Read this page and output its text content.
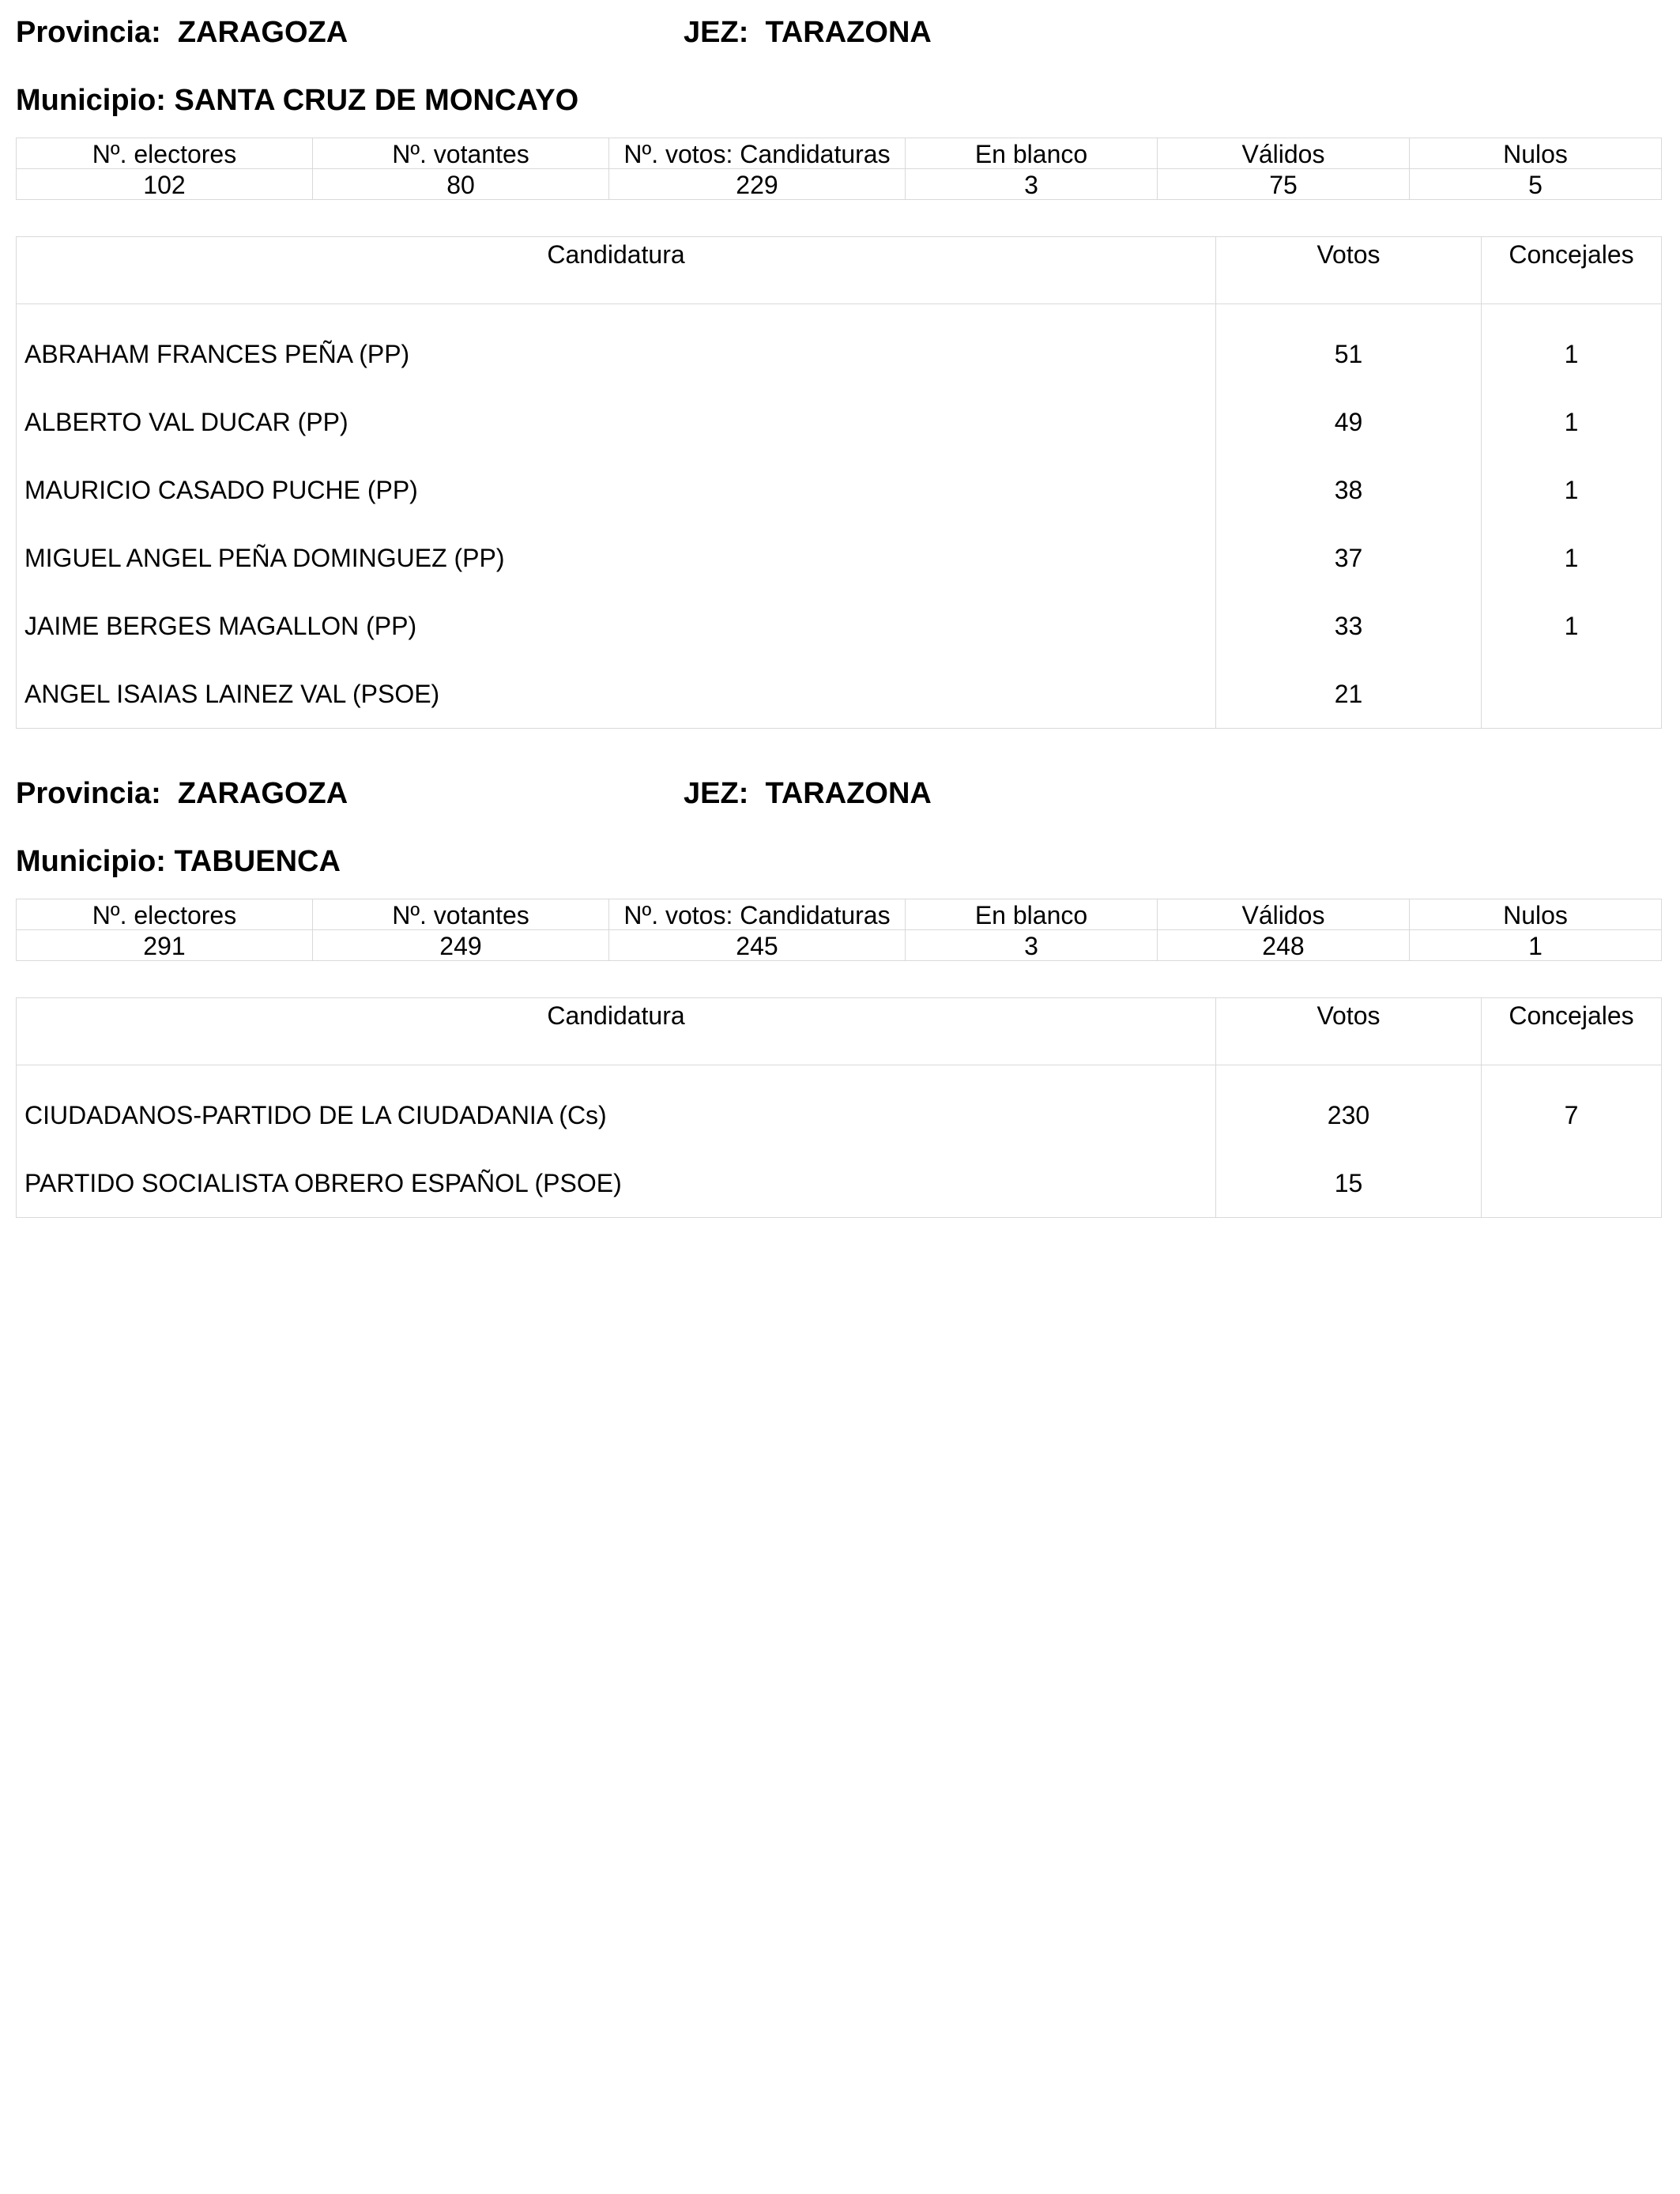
Provincia:  ZARAGOZA	JEZ:  TARAZONA
Municipio: SANTA CRUZ DE MONCAYO
Nº. electores	Nº. votantes	Nº. votos: Candidaturas	En blanco	Válidos	Nulos
102	80	229	3	75	5
Candidatura	Votos	Concejales
ABRAHAM FRANCES PEÑA (PP)	51	1
ALBERTO VAL DUCAR (PP)	49	1
MAURICIO CASADO PUCHE (PP)	38	1
MIGUEL ANGEL PEÑA DOMINGUEZ (PP)	37	1
JAIME BERGES MAGALLON (PP)	33	1
ANGEL ISAIAS LAINEZ VAL (PSOE)	21	
Provincia:  ZARAGOZA	JEZ:  TARAZONA
Municipio: TABUENCA
Nº. electores	Nº. votantes	Nº. votos: Candidaturas	En blanco	Válidos	Nulos
291	249	245	3	248	1
Candidatura	Votos	Concejales
CIUDADANOS-PARTIDO DE LA CIUDADANIA (Cs)	230	7
PARTIDO SOCIALISTA OBRERO ESPAÑOL (PSOE)	15	
